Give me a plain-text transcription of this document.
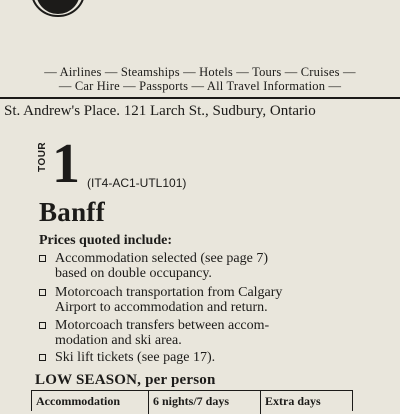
— Airlines — Steamships — Hotels — Tours — Cruises —
— Car Hire — Passports — All Travel Information —
St. Andrew's Place. 121 Larch St., Sudbury, Ontario
TOUR 1 (IT4-AC1-UTL101)
Banff
Prices quoted include:
Accommodation selected (see page 7)
based on double occupancy.
Motorcoach transportation from Calgary
Airport to accommodation and return.
Motorcoach transfers between accom-
modation and ski area.
Ski lift tickets (see page 17).
LOW SEASON, per person
Accommodation	6 nights/7 days	Extra days
